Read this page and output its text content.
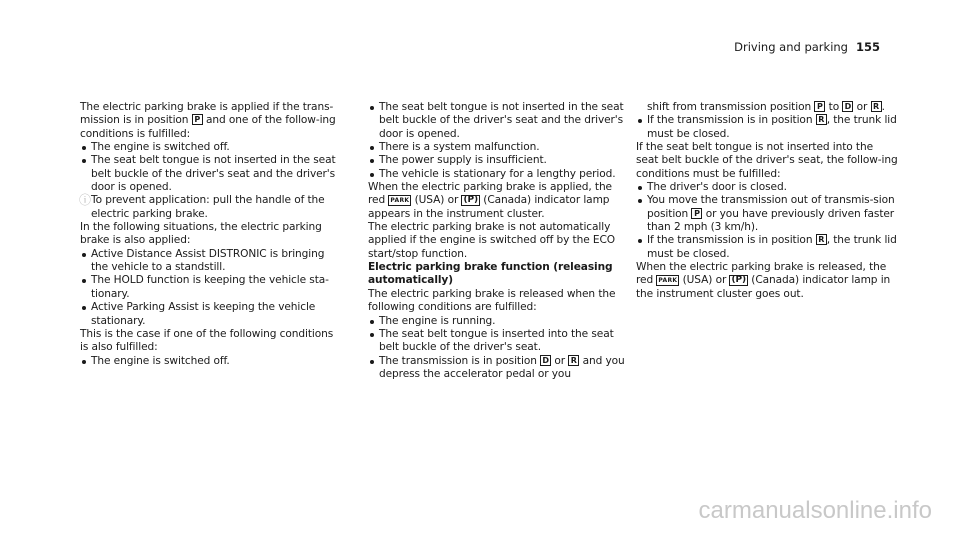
Driving and parking 155

The electric parking brake is applied if the trans-mission is in position P and one of the follow-ing conditions is fulfilled:

The engine is switched off.
The seat belt tongue is not inserted in the seat belt buckle of the driver's seat and the driver's door is opened.
ⓘ To prevent application: pull the handle of the electric parking brake.

In the following situations, the electric parking brake is also applied:

Active Distance Assist DISTRONIC is bringing the vehicle to a standstill.
The HOLD function is keeping the vehicle sta-tionary.
Active Parking Assist is keeping the vehicle stationary.

This is the case if one of the following conditions is also fulfilled:

The engine is switched off.
The seat belt tongue is not inserted in the seat belt buckle of the driver's seat and the driver's door is opened.
There is a system malfunction.
The power supply is insufficient.
The vehicle is stationary for a lengthy period.

When the electric parking brake is applied, the red PARK (USA) or (P) (Canada) indicator lamp appears in the instrument cluster.

The electric parking brake is not automatically applied if the engine is switched off by the ECO start/stop function.

Electric parking brake function (releasing automatically)

The electric parking brake is released when the following conditions are fulfilled:

The engine is running.
The seat belt tongue is inserted into the seat belt buckle of the driver's seat.
The transmission is in position D or R and you depress the accelerator pedal or you

shift from transmission position P to D or R .

If the transmission is in position R , the trunk lid must be closed.

If the seat belt tongue is not inserted into the seat belt buckle of the driver's seat, the follow-ing conditions must be fulfilled:

The driver's door is closed.
You move the transmission out of transmis-sion position P or you have previously driven faster than 2 mph (3 km/h).
If the transmission is in position R , the trunk lid must be closed.

When the electric parking brake is released, the red PARK (USA) or (P) (Canada) indicator lamp in the instrument cluster goes out.

carmanualsonline.info
